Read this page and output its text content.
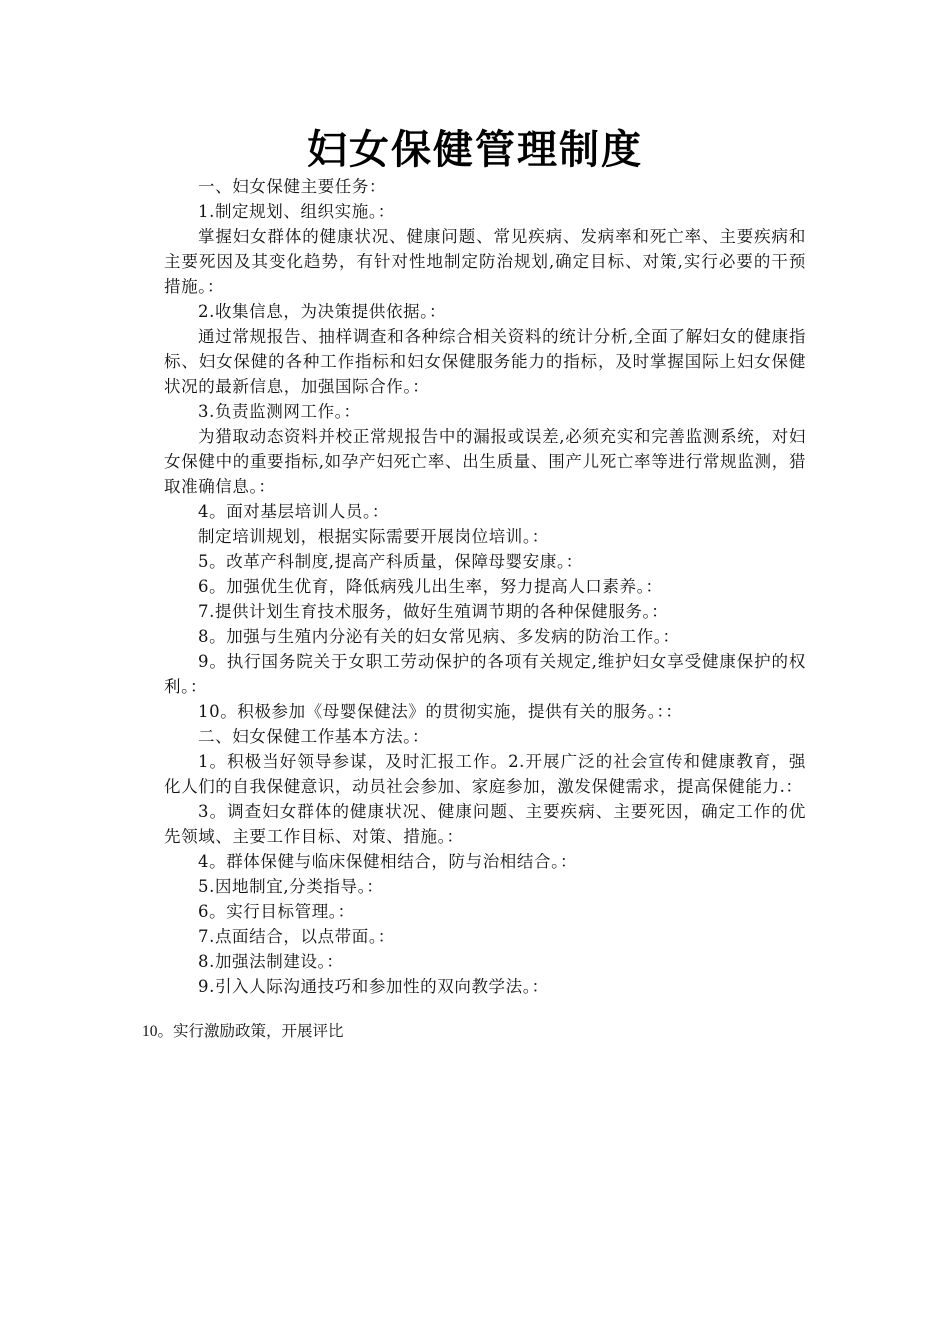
妇女保健管理制度

一、妇女保健主要任务：

1.制定规划、组织实施。：

掌握妇女群体的健康状况、健康问题、常见疾病、发病率和死亡率、主要疾病和主要死因及其变化趋势，有针对性地制定防治规划,确定目标、对策,实行必要的干预措施。：

2.收集信息，为决策提供依据。：

通过常规报告、抽样调查和各种综合相关资料的统计分析,全面了解妇女的健康指标、妇女保健的各种工作指标和妇女保健服务能力的指标，及时掌握国际上妇女保健状况的最新信息，加强国际合作。：

3.负责监测网工作。：

为猎取动态资料并校正常规报告中的漏报或误差,必须充实和完善监测系统，对妇女保健中的重要指标,如孕产妇死亡率、出生质量、围产儿死亡率等进行常规监测，猎取准确信息。：

4。面对基层培训人员。：

制定培训规划，根据实际需要开展岗位培训。：

5。改革产科制度,提高产科质量，保障母婴安康。：

6。加强优生优育，降低病残儿出生率，努力提高人口素养。：

7.提供计划生育技术服务，做好生殖调节期的各种保健服务。：

8。加强与生殖内分泌有关的妇女常见病、多发病的防治工作。：

9。执行国务院关于女职工劳动保护的各项有关规定,维护妇女享受健康保护的权利。：

10。积极参加《母婴保健法》的贯彻实施，提供有关的服务。：：

二、妇女保健工作基本方法。：

1。积极当好领导参谋，及时汇报工作。2.开展广泛的社会宣传和健康教育，强化人们的自我保健意识，动员社会参加、家庭参加，激发保健需求，提高保健能力.：

3。调查妇女群体的健康状况、健康问题、主要疾病、主要死因，确定工作的优先领域、主要工作目标、对策、措施。：

4。群体保健与临床保健相结合，防与治相结合。：

5.因地制宜,分类指导。：

6。实行目标管理。：

7.点面结合，以点带面。：

8.加强法制建设。：

9.引入人际沟通技巧和参加性的双向教学法。：

10。实行激励政策，开展评比
